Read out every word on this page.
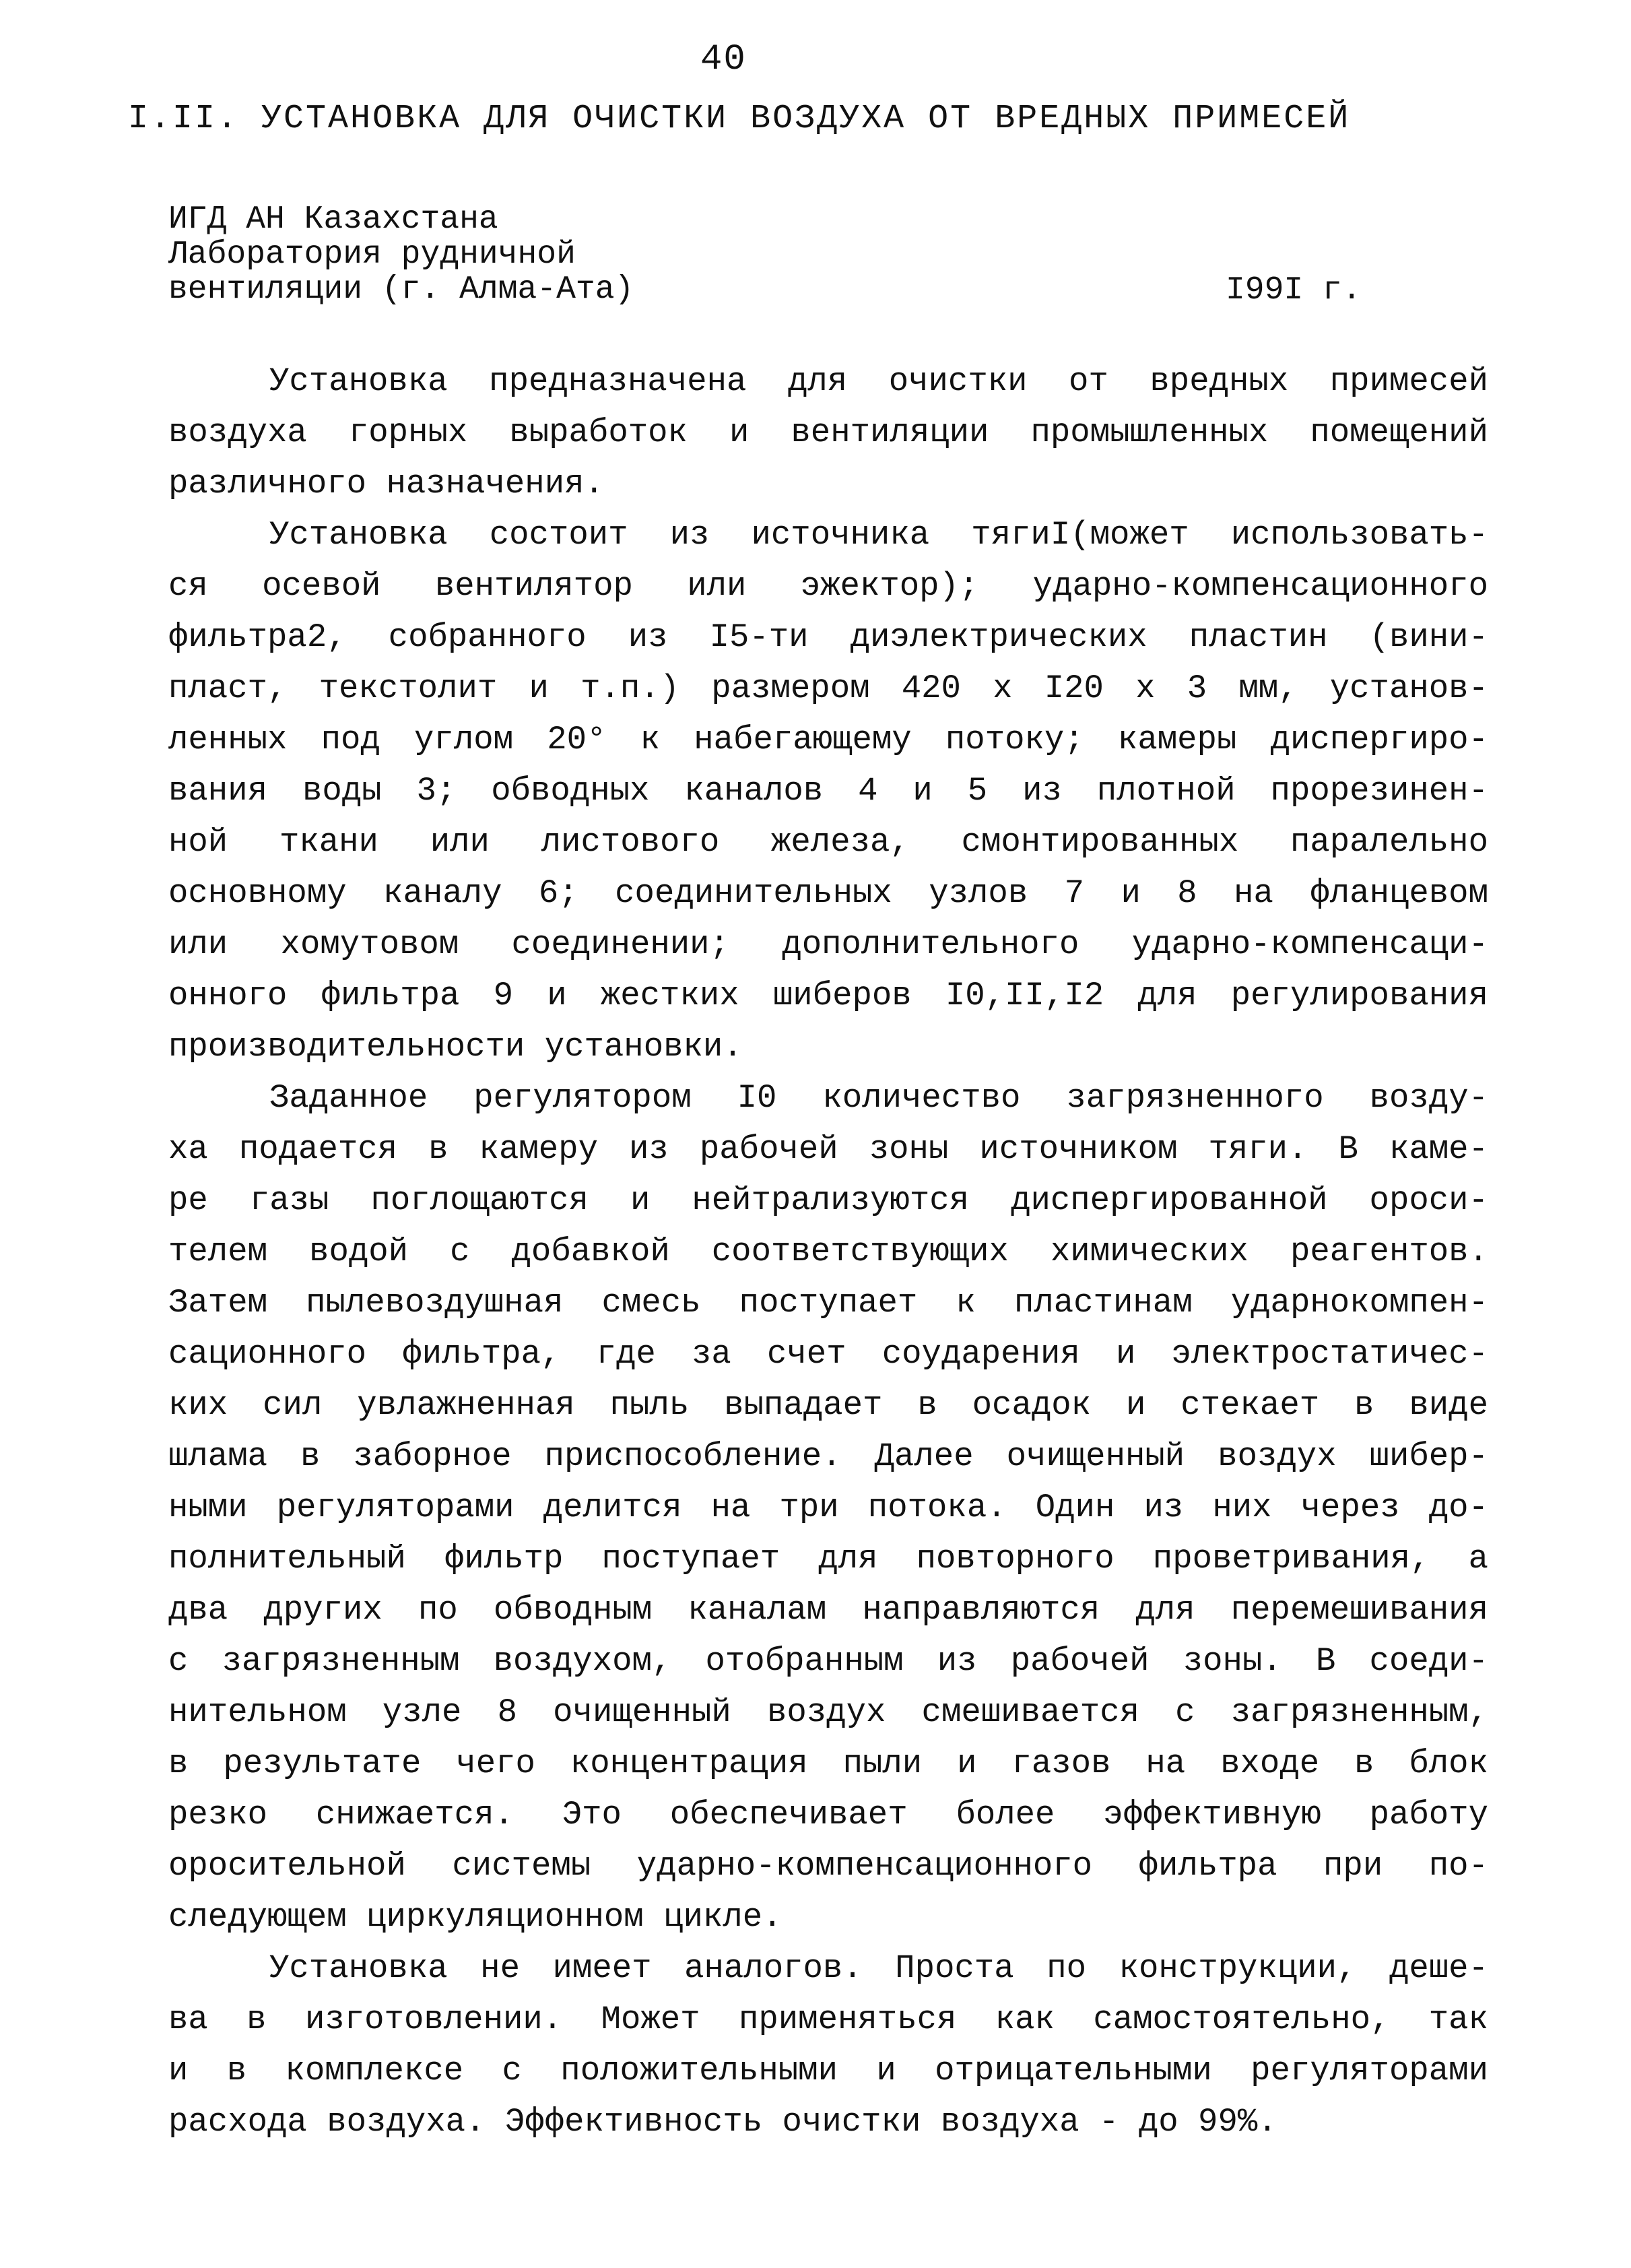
40
I.II. УСТАНОВКА ДЛЯ ОЧИСТКИ ВОЗДУХА ОТ ВРЕДНЫХ ПРИМЕСЕЙ
ИГД АН Казахстана
Лаборатория рудничной
вентиляции (г. Алма-Ата)	I99I г.
Установка предназначена для очистки от вредных примесей
воздуха горных выработок и вентиляции промышленных помещений
различного назначения.
Установка состоит из источника тягиI(может использовать-
ся осевой вентилятор или эжектор); ударно-компенсационного
фильтра2, собранного из I5-ти диэлектрических пластин (вини-
пласт, текстолит и т.п.) размером 420 х I20 х 3 мм, установ-
ленных под углом 20° к набегающему потоку; камеры диспергиро-
вания воды 3; обводных каналов 4 и 5 из плотной прорезинен-
ной ткани или листового железа, смонтированных паралельно
основному каналу 6; соединительных узлов 7 и 8 на фланцевом
или хомутовом соединении; дополнительного ударно-компенсаци-
онного фильтра 9 и жестких шиберов I0,II,I2 для регулирования
производительности установки.
Заданное регулятором I0 количество загрязненного возду-
ха подается в камеру из рабочей зоны источником тяги. В каме-
ре газы поглощаются и нейтрализуются диспергированной ороси-
телем водой с добавкой соответствующих химических реагентов.
Затем пылевоздушная смесь поступает к пластинам ударнокомпен-
сационного фильтра, где за счет соударения и электростатичес-
ких сил увлажненная пыль выпадает в осадок и стекает в виде
шлама в заборное приспособление. Далее очищенный воздух шибер-
ными регуляторами делится на три потока. Один из них через до-
полнительный фильтр поступает для повторного проветривания, а
два других по обводным каналам направляются для перемешивания
с загрязненным воздухом, отобранным из рабочей зоны. В соеди-
нительном узле 8 очищенный воздух смешивается с загрязненным,
в результате чего концентрация пыли и газов на входе в блок
резко снижается. Это обеспечивает более эффективную работу
оросительной системы ударно-компенсационного фильтра при по-
следующем циркуляционном цикле.
Установка не имеет аналогов. Проста по конструкции, деше-
ва в изготовлении. Может применяться как самостоятельно, так
и в комплексе с положительными и отрицательными регуляторами
расхода воздуха. Эффективность очистки воздуха - до 99%.
